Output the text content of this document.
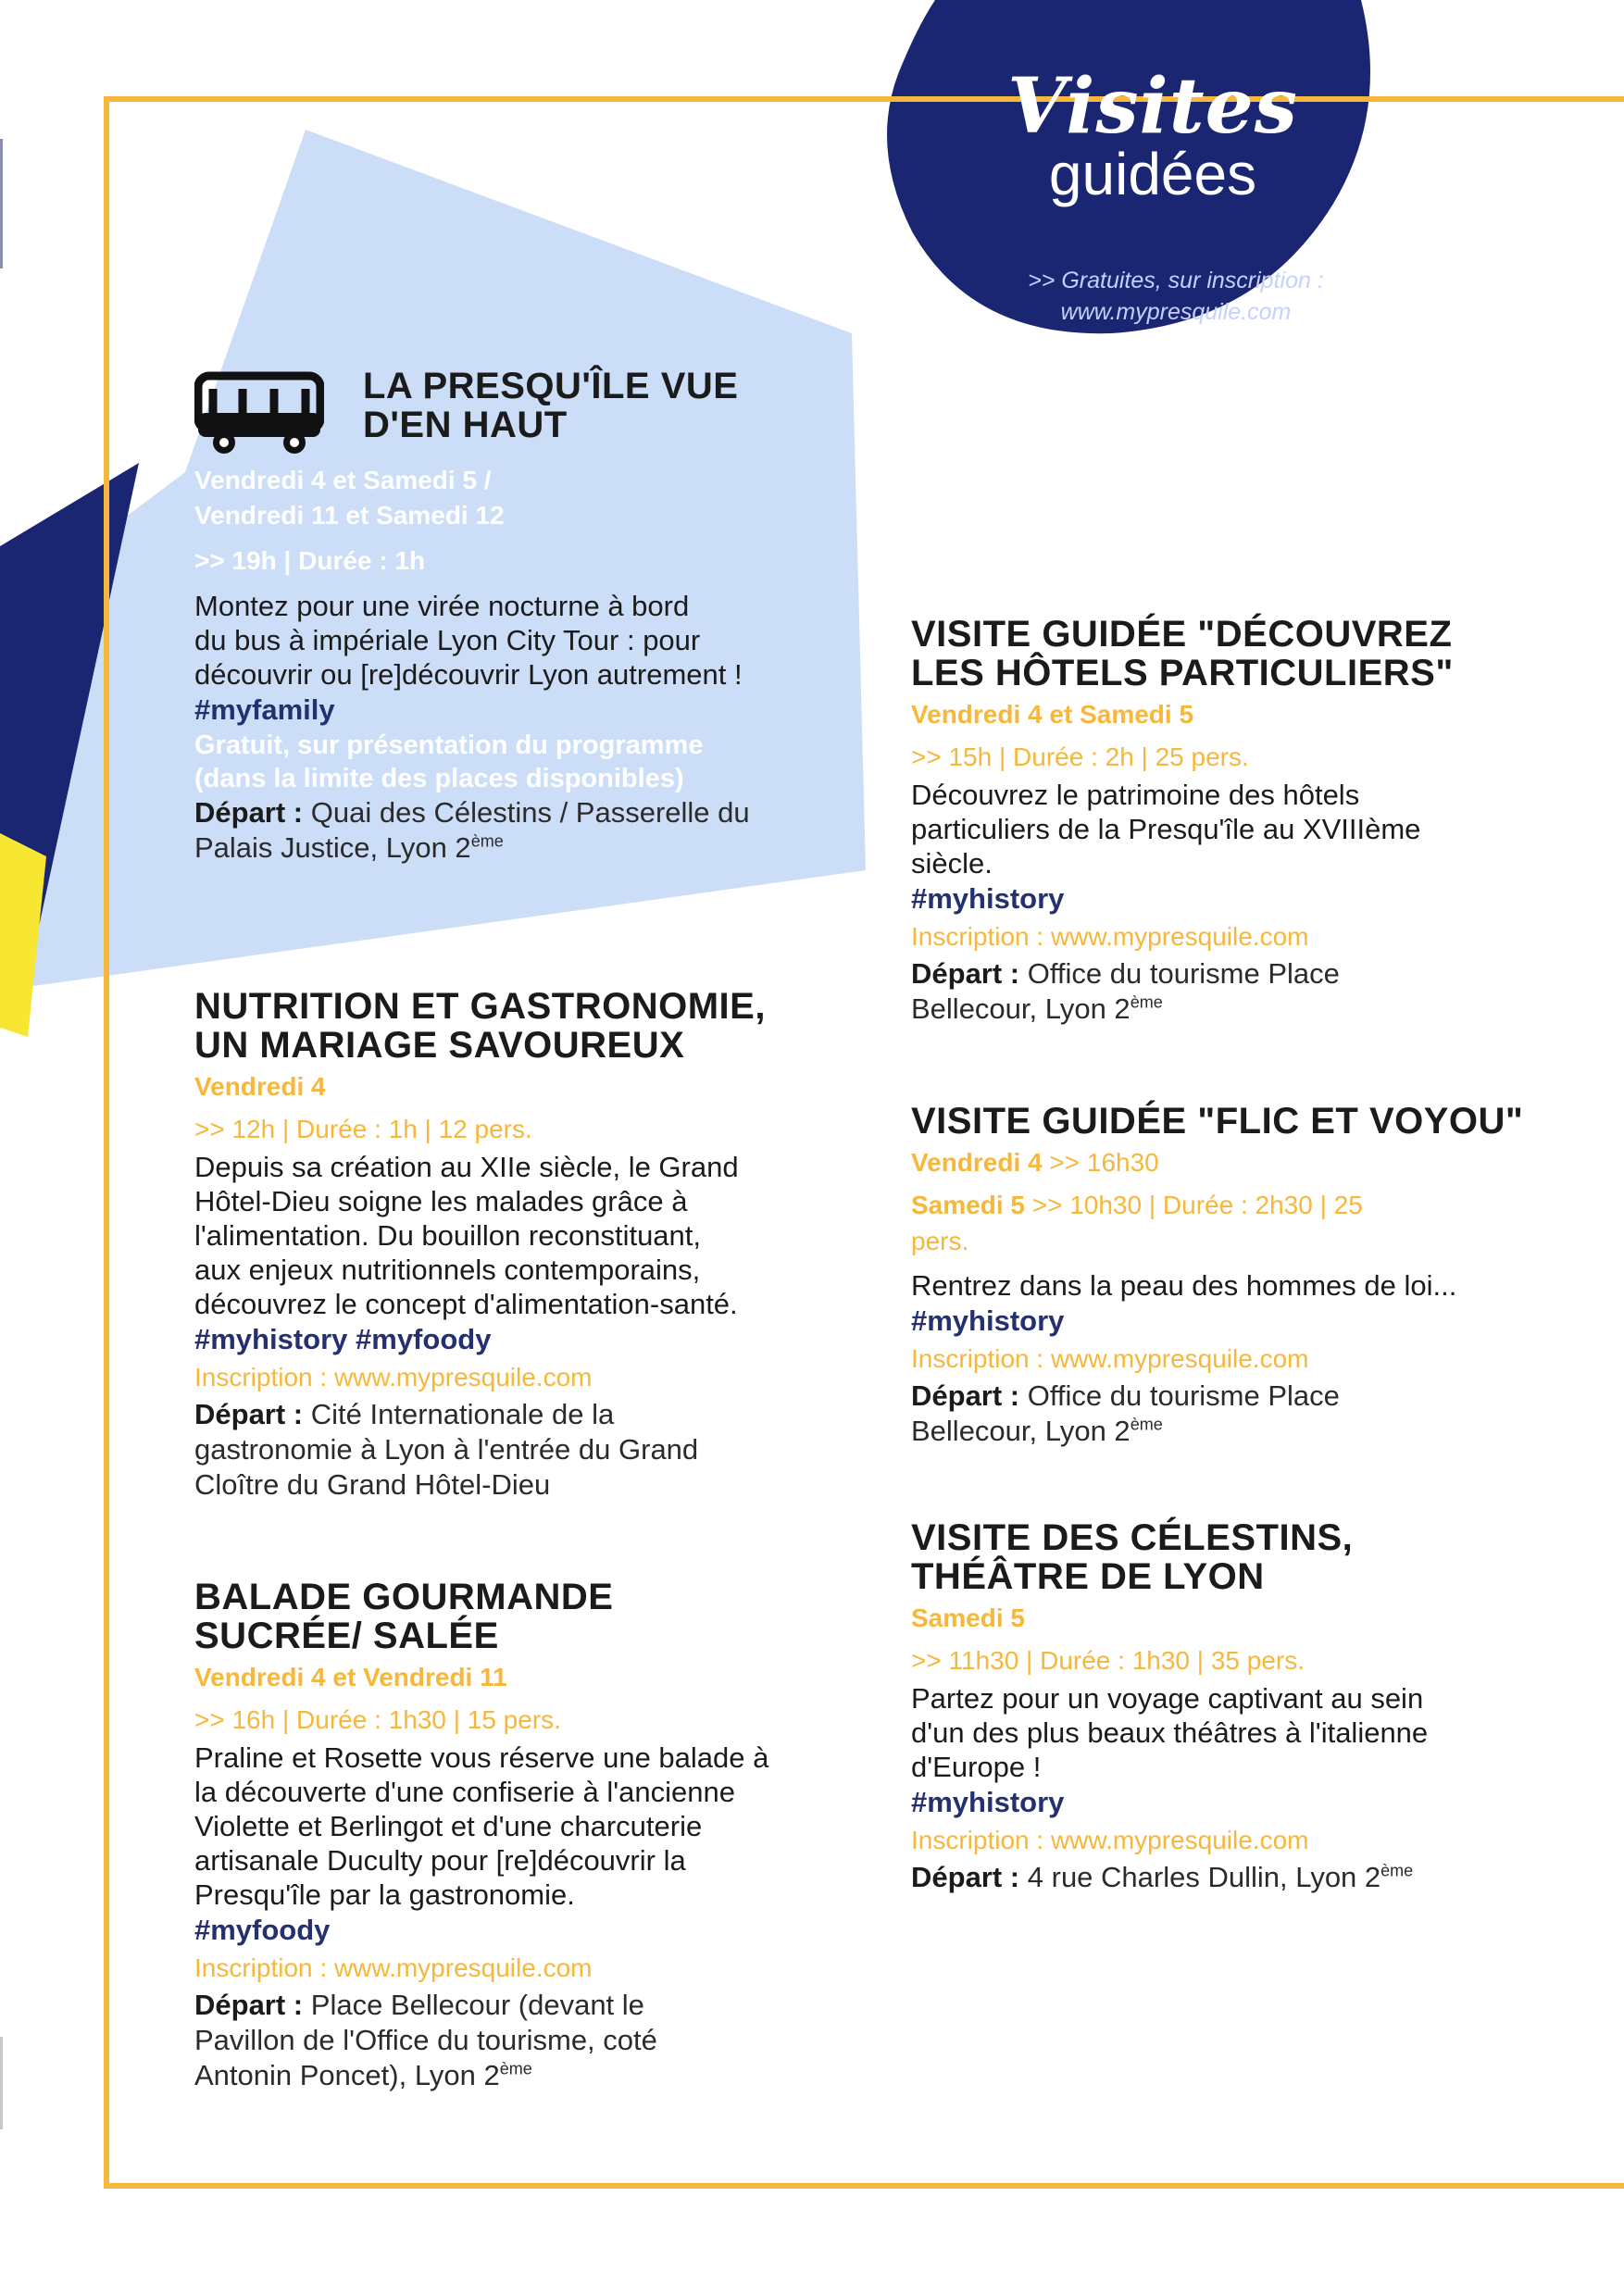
Visites
guidées
>> Gratuites, sur inscription :
www.mypresquile.com
LA PRESQU'ÎLE VUE
D'EN HAUT
Vendredi 4 et Samedi 5 /
Vendredi 11 et Samedi 12
>> 19h | Durée : 1h
Montez pour une virée nocturne à bord
du bus à impériale Lyon City Tour : pour
découvrir ou [re]découvrir Lyon autrement !
#myfamily
Gratuit, sur présentation du programme
(dans la limite des places disponibles)
Départ : Quai des Célestins / Passerelle du
Palais Justice, Lyon 2ème
NUTRITION ET GASTRONOMIE,
UN MARIAGE SAVOUREUX
Vendredi 4
>> 12h | Durée : 1h | 12 pers.
Depuis sa création au XIIe siècle, le Grand
Hôtel-Dieu soigne les malades grâce à
l'alimentation. Du bouillon reconstituant,
aux enjeux nutritionnels contemporains,
découvrez le concept d'alimentation-santé.
#myhistory #myfoody
Inscription : www.mypresquile.com
Départ : Cité Internationale de la
gastronomie à Lyon à l'entrée du Grand
Cloître du Grand Hôtel-Dieu
BALADE GOURMANDE
SUCRÉE/ SALÉE
Vendredi 4 et Vendredi 11
>> 16h | Durée : 1h30 | 15 pers.
Praline et Rosette vous réserve une balade à
la découverte d'une confiserie à l'ancienne
Violette et Berlingot et d'une charcuterie
artisanale Duculty pour [re]découvrir la
Presqu'île par la gastronomie.
#myfoody
Inscription : www.mypresquile.com
Départ : Place Bellecour (devant le
Pavillon de l'Office du tourisme, coté
Antonin Poncet), Lyon 2ème
VISITE GUIDÉE "DÉCOUVREZ
LES HÔTELS PARTICULIERS"
Vendredi 4 et Samedi 5
>> 15h | Durée : 2h | 25 pers.
Découvrez le patrimoine des hôtels
particuliers de la Presqu'île au XVIIIème
siècle.
#myhistory
Inscription : www.mypresquile.com
Départ : Office du tourisme Place
Bellecour, Lyon 2ème
VISITE GUIDÉE "FLIC ET VOYOU"
Vendredi 4 >> 16h30
Samedi 5 >> 10h30 | Durée : 2h30 | 25
pers.
Rentrez dans la peau des hommes de loi...
#myhistory
Inscription : www.mypresquile.com
Départ : Office du tourisme Place
Bellecour, Lyon 2ème
VISITE DES CÉLESTINS,
THÉÂTRE DE LYON
Samedi 5
>> 11h30 | Durée : 1h30 | 35 pers.
Partez pour un voyage captivant au sein
d'un des plus beaux théâtres à l'italienne
d'Europe !
#myhistory
Inscription : www.mypresquile.com
Départ : 4 rue Charles Dullin, Lyon 2ème
